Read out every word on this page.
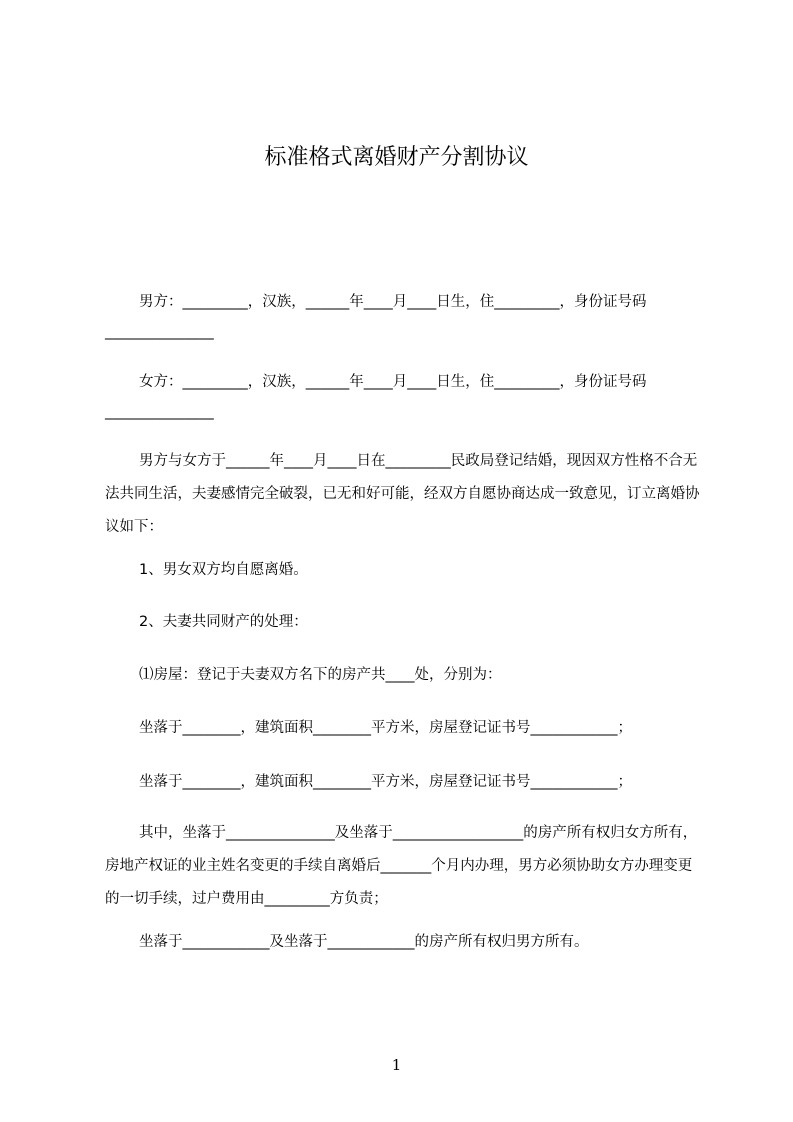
标准格式离婚财产分割协议
男方：_________，汉族，______年____月____日生，住_________，身份证号码
_______________
女方：_________，汉族，______年____月____日生，住_________，身份证号码
_______________

男方与女方于______年____月____日在_________民政局登记结婚，现因双方性格不合无法共同生活，夫妻感情完全破裂，已无和好可能，经双方自愿协商达成一致意见，订立离婚协议如下：

1、男女双方均自愿离婚。
2、夫妻共同财产的处理：
⑴房屋：登记于夫妻双方名下的房产共____处，分别为：
坐落于________，建筑面积________平方米，房屋登记证书号____________；
坐落于________，建筑面积________平方米，房屋登记证书号____________；

其中，坐落于_______________及坐落于__________________的房产所有权归女方所有，房地产权证的业主姓名变更的手续自离婚后_______个月内办理，男方必须协助女方办理变更的一切手续，过户费用由_________方负责；

坐落于____________及坐落于____________的房产所有权归男方所有。
1
